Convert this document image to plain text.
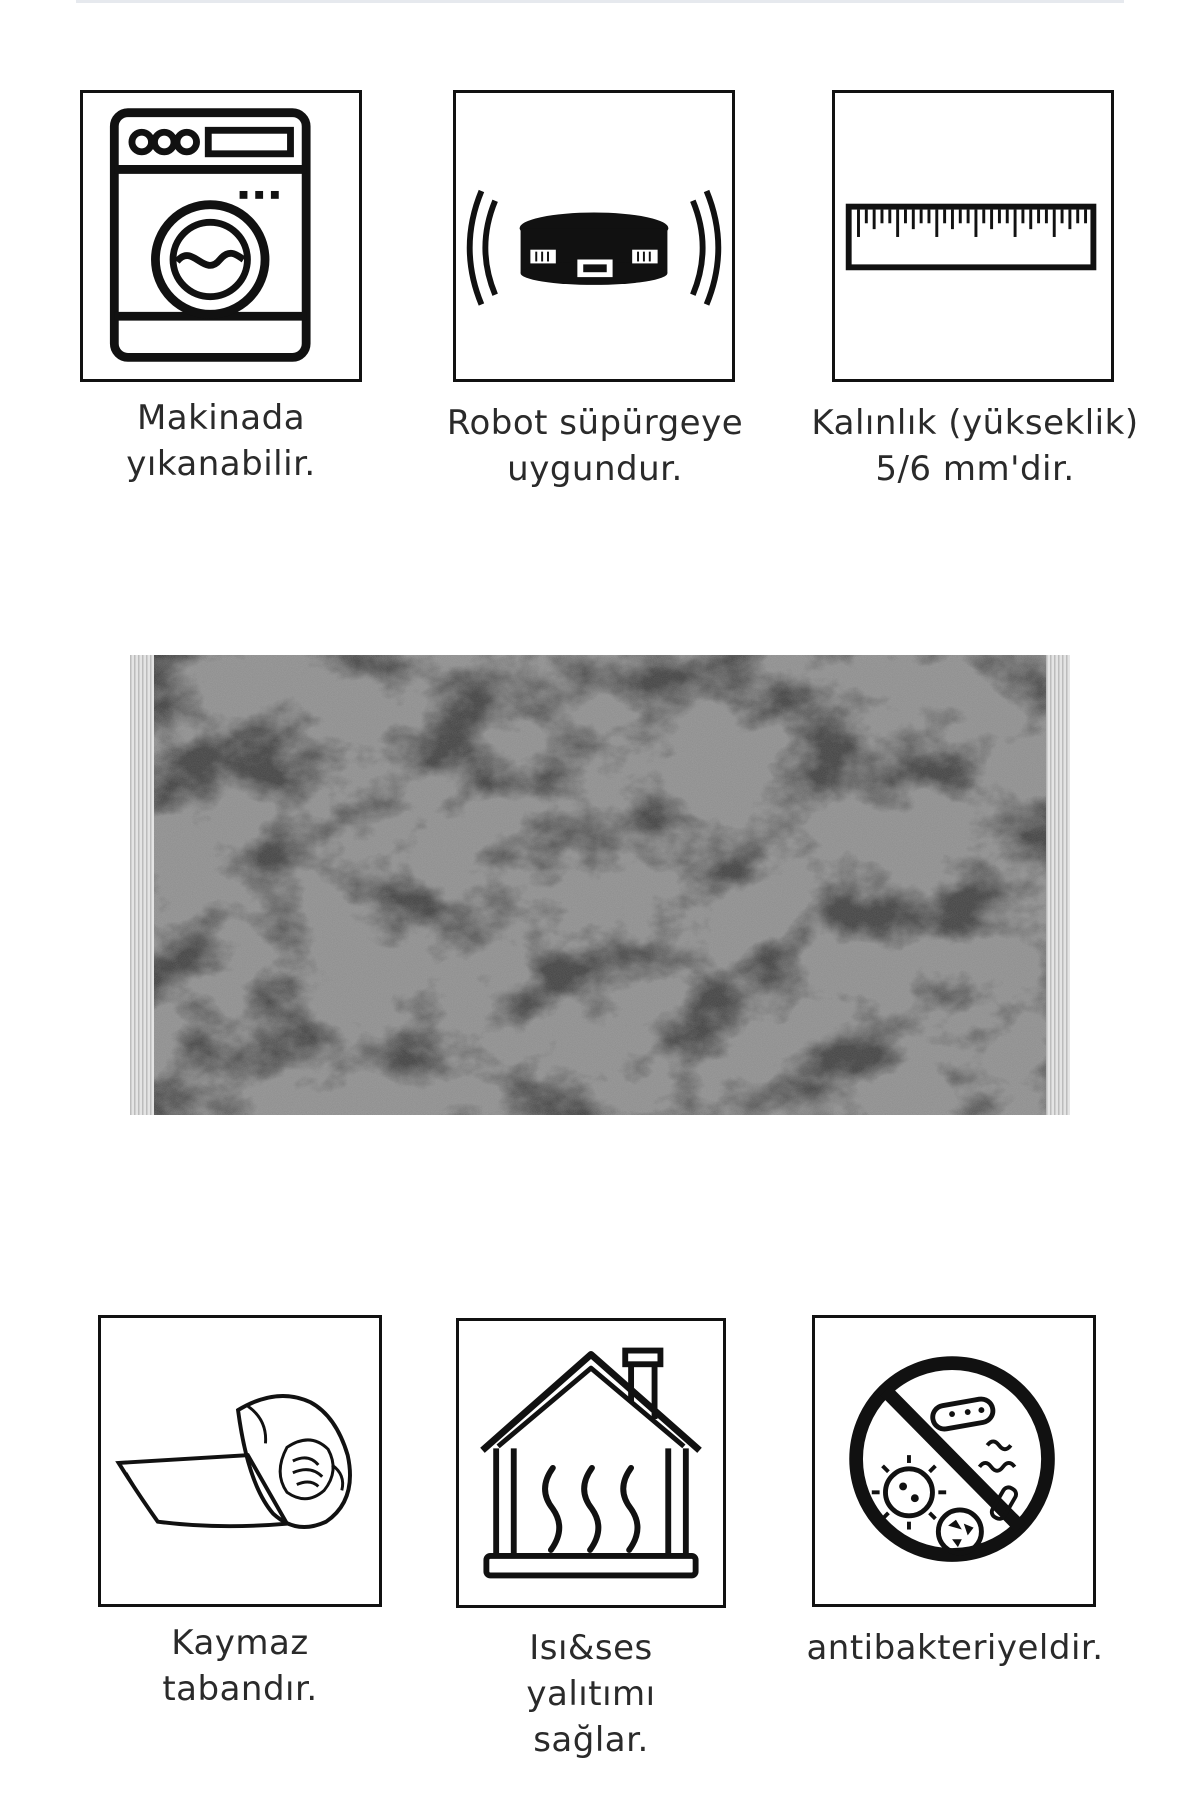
Makinada
yıkanabilir.
Robot süpürgeye
uygundur.
Kalınlık (yükseklik)
5/6 mm'dir.
Kaymaz
tabandır.
Isı&ses
yalıtımı
sağlar.
antibakteriyeldir.
